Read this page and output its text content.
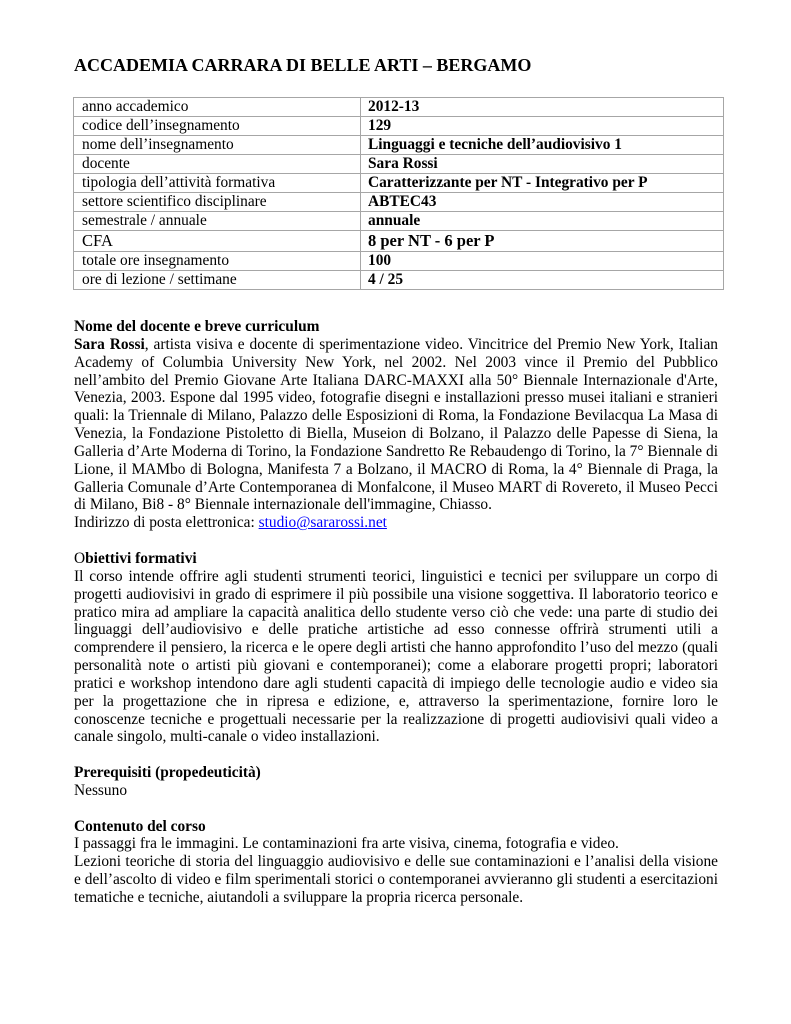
ACCADEMIA CARRARA DI BELLE ARTI – BERGAMO
anno accademico	2012-13
codice dell’insegnamento	129
nome dell’insegnamento	Linguaggi e tecniche dell’audiovisivo 1
docente	Sara Rossi
tipologia dell’attività formativa	Caratterizzante per NT - Integrativo per P
settore scientifico disciplinare	ABTEC43
semestrale / annuale	annuale
CFA	8 per NT - 6 per P
totale ore insegnamento	100
ore di lezione / settimane	4 / 25

Nome del docente e breve curriculum

Sara Rossi, artista visiva e docente di sperimentazione video. Vincitrice del Premio New York, Italian Academy of Columbia University New York, nel 2002. Nel 2003 vince il Premio del Pubblico nell’ambito del Premio Giovane Arte Italiana DARC-MAXXI alla 50° Biennale Internazionale d'Arte, Venezia, 2003. Espone dal 1995 video, fotografie disegni e installazioni presso musei italiani e stranieri quali: la Triennale di Milano, Palazzo delle Esposizioni di Roma, la Fondazione Bevilacqua La Masa di Venezia, la Fondazione Pistoletto di Biella, Museion di Bolzano, il Palazzo delle Papesse di Siena, la Galleria d’Arte Moderna di Torino, la Fondazione Sandretto Re Rebaudengo di Torino, la 7° Biennale di Lione, il MAMbo di Bologna, Manifesta 7 a Bolzano, il MACRO di Roma, la 4° Biennale di Praga, la Galleria Comunale d’Arte Contemporanea di Monfalcone, il Museo MART di Rovereto, il Museo Pecci di Milano, Bi8 - 8° Biennale internazionale dell'immagine, Chiasso.

Indirizzo di posta elettronica: studio@sararossi.net

Obiettivi formativi

Il corso intende offrire agli studenti strumenti teorici, linguistici e tecnici per sviluppare un corpo di progetti audiovisivi in grado di esprimere il più possibile una visione soggettiva. Il laboratorio teorico e pratico mira ad ampliare la capacità analitica dello studente verso ciò che vede: una parte di studio dei linguaggi dell’audiovisivo e delle pratiche artistiche ad esso connesse offrirà strumenti utili a comprendere il pensiero, la ricerca e le opere degli artisti che hanno approfondito l’uso del mezzo (quali personalità note o artisti più giovani e contemporanei); come a elaborare progetti propri; laboratori pratici e workshop intendono dare agli studenti capacità di impiego delle tecnologie audio e video sia per la progettazione che in ripresa e edizione, e, attraverso la sperimentazione, fornire loro le conoscenze tecniche e progettuali necessarie per la realizzazione di progetti audiovisivi quali video a canale singolo, multi-canale o video installazioni.

Prerequisiti (propedeuticità)

Nessuno

Contenuto del corso

I passaggi fra le immagini. Le contaminazioni fra arte visiva, cinema, fotografia e video.

Lezioni teoriche di storia del linguaggio audiovisivo e delle sue contaminazioni e l’analisi della visione e dell’ascolto di video e film sperimentali storici o contemporanei avvieranno gli studenti a esercitazioni tematiche e tecniche, aiutandoli a sviluppare la propria ricerca personale.
